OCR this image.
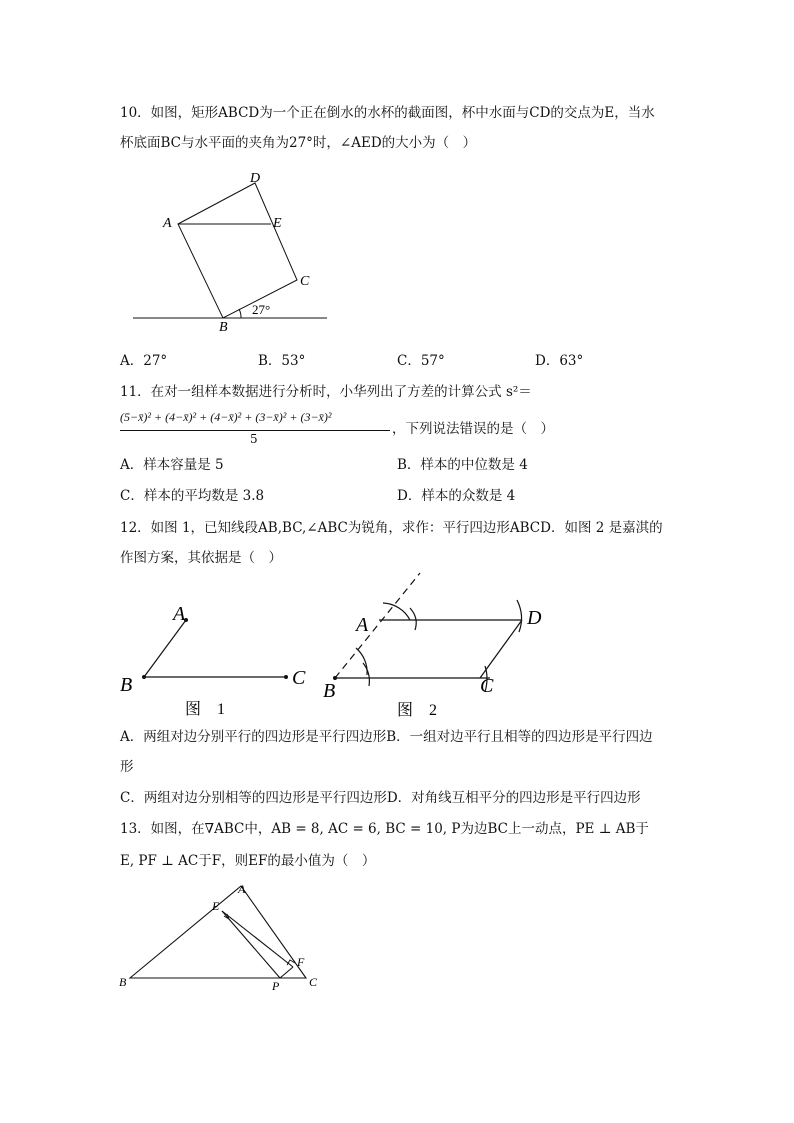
10．如图，矩形ABCD为一个正在倒水的水杯的截面图，杯中水面与CD的交点为E，当水
杯底面BC与水平面的夹角为27°时，∠AED的大小为（　）
A
B
C
D
E
27°
A．27°	B．53°	C．57°	D．63°
11．在对一组样本数据进行分析时，小华列出了方差的计算公式 s²＝
(5−x̄)² + (4−x̄)² + (4−x̄)² + (3−x̄)² + (3−x̄)²
5
，下列说法错误的是（　）
A．样本容量是 5	B．样本的中位数是 4
C．样本的平均数是 3.8	D．样本的众数是 4
12．如图 1，已知线段AB,BC,∠ABC为锐角，求作：平行四边形ABCD．如图 2 是嘉淇的
作图方案，其依据是（　）
A
B	C
图　1
A
B	C
D
图　2
A．两组对边分别平行的四边形是平行四边形B．一组对边平行且相等的四边形是平行四边
形
C．两组对边分别相等的四边形是平行四边形D．对角线互相平分的四边形是平行四边形
13．如图，在∇ABC中，AB = 8, AC = 6, BC = 10, P为边BC上一动点，PE ⊥ AB于
E, PF ⊥ AC于F，则EF的最小值为（　）
A
B	C
E
F
P
